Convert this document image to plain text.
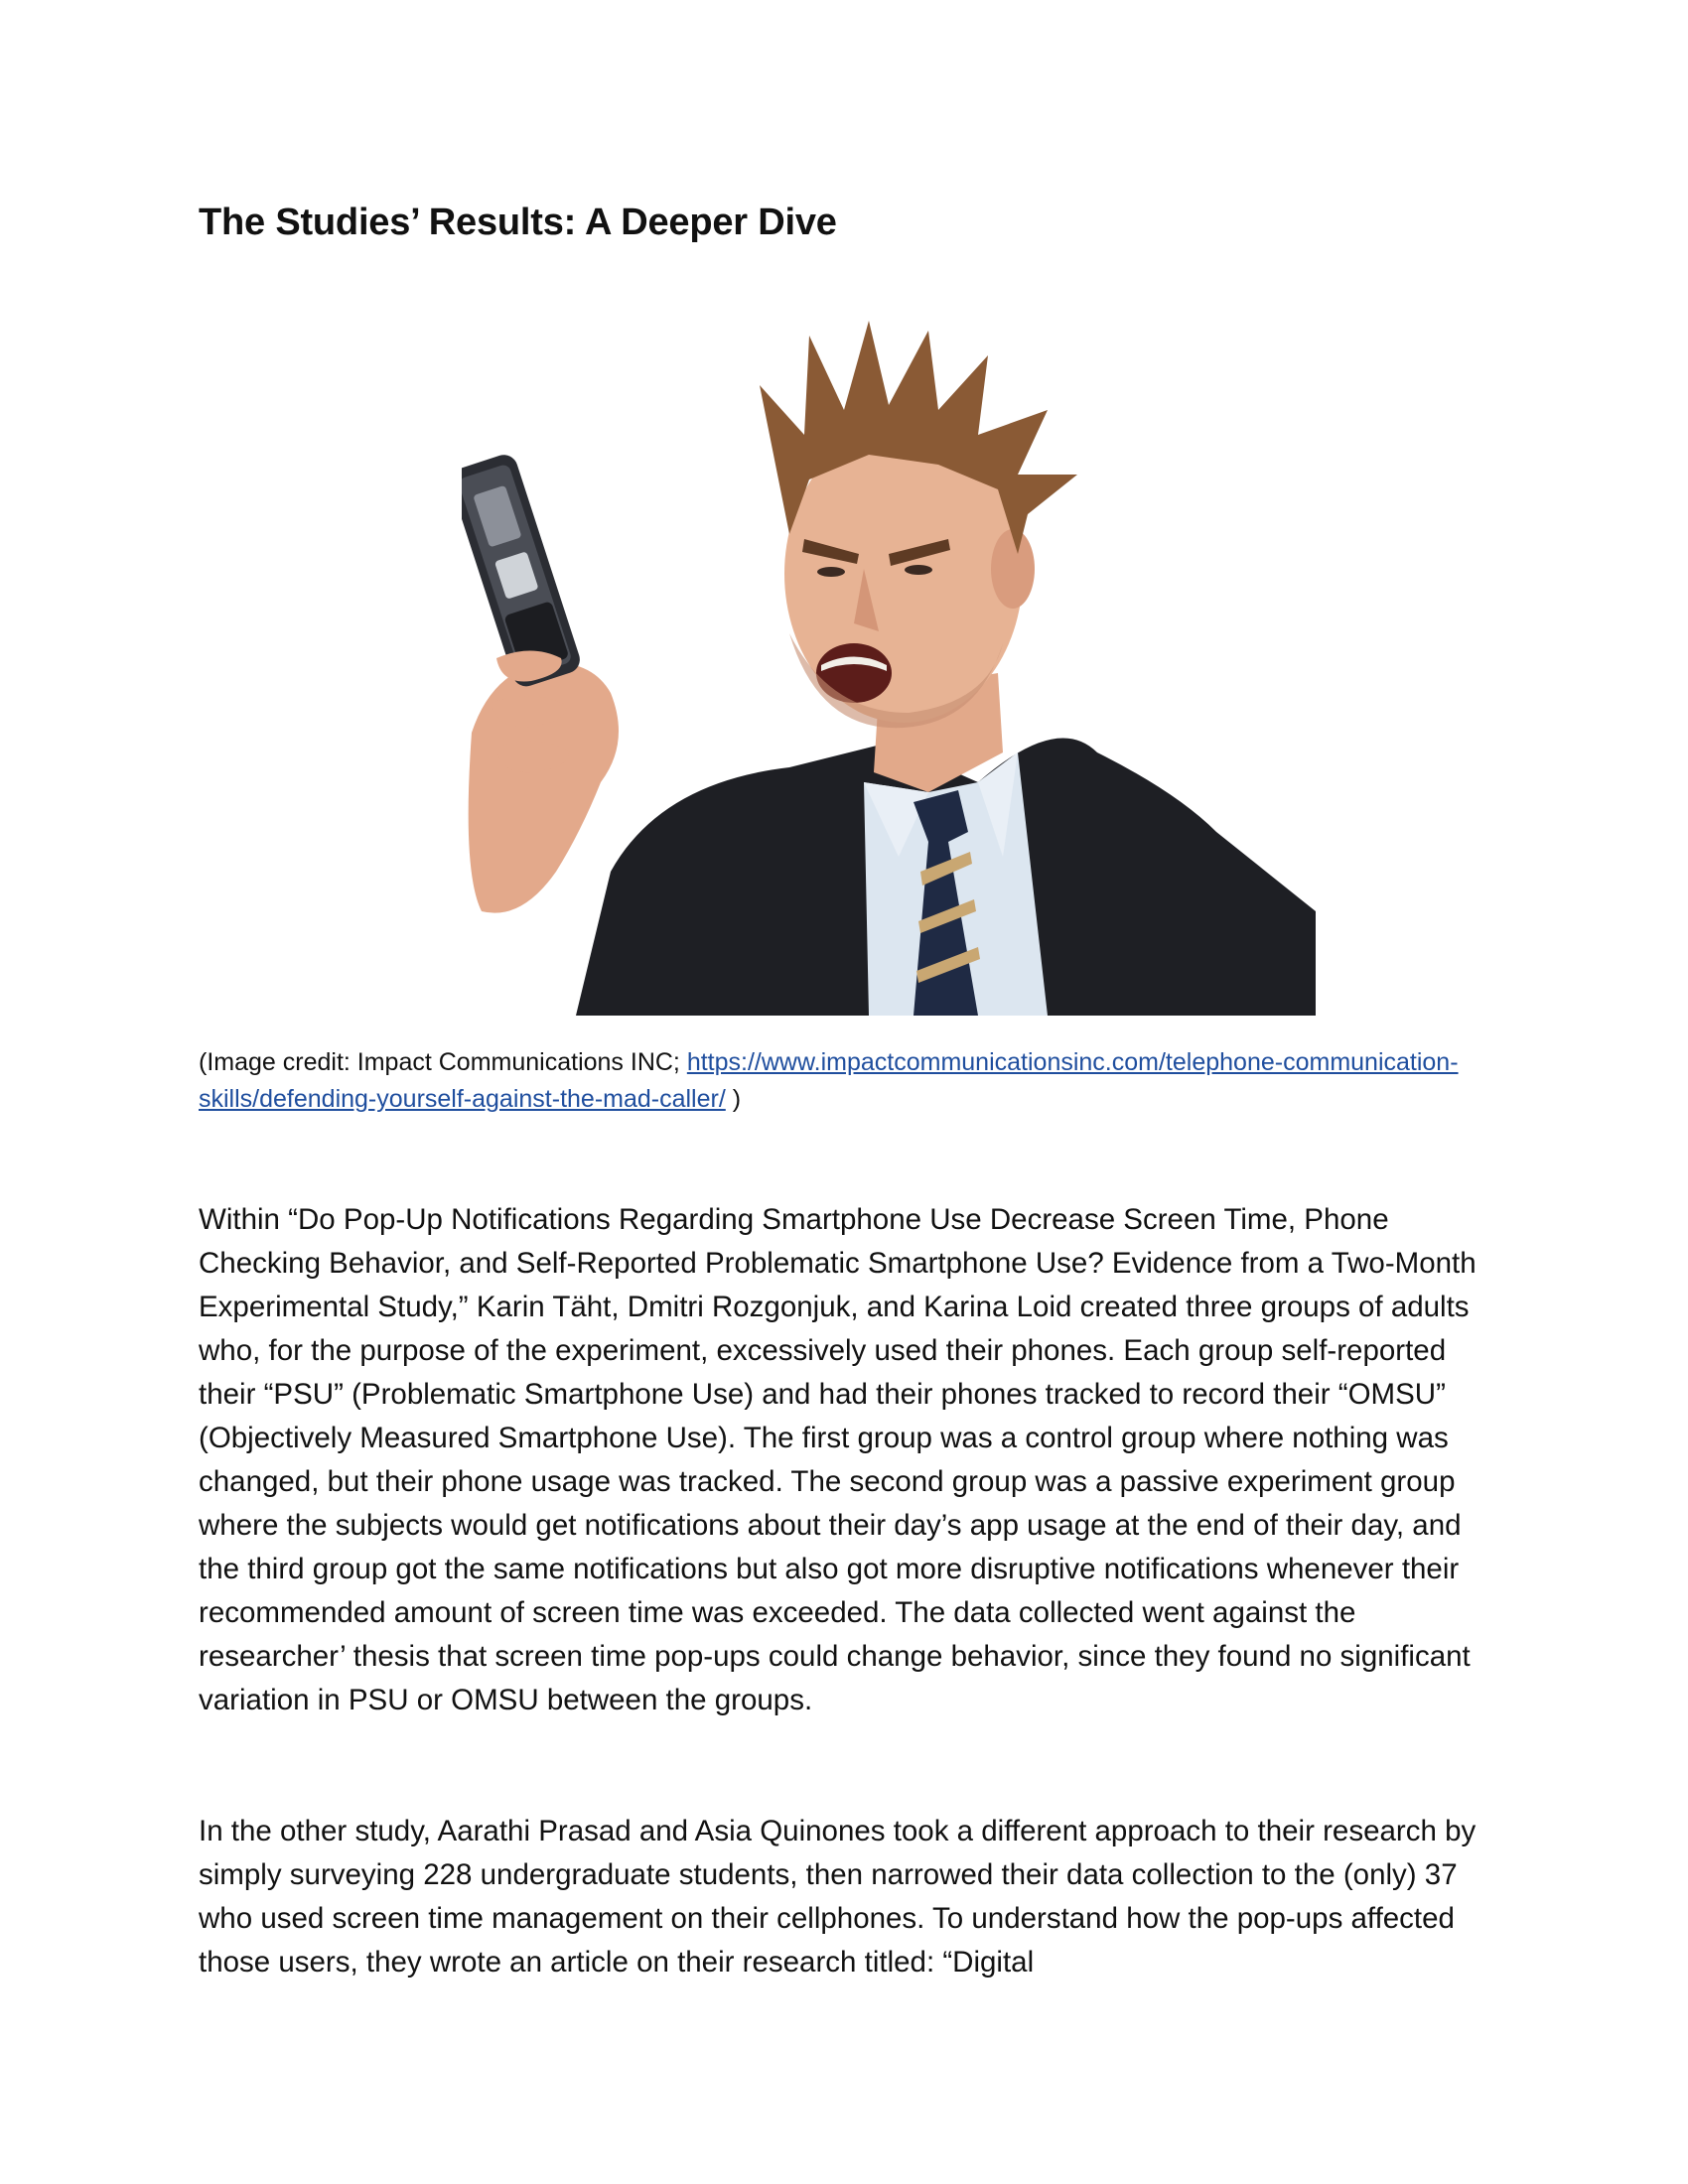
The Studies’ Results: A Deeper Dive
(Image credit: Impact Communications INC; https://www.impactcommunicationsinc.com/telephone-communication-skills/defending-yourself-against-the-mad-caller/ )

Within “Do Pop-Up Notifications Regarding Smartphone Use Decrease Screen Time, Phone Checking Behavior, and Self-Reported Problematic Smartphone Use? Evidence from a Two-Month Experimental Study,” Karin Täht, Dmitri Rozgonjuk, and Karina Loid created three groups of adults who, for the purpose of the experiment, excessively used their phones. Each group self-reported their “PSU” (Problematic Smartphone Use) and had their phones tracked to record their “OMSU” (Objectively Measured Smartphone Use). The first group was a control group where nothing was changed, but their phone usage was tracked. The second group was a passive experiment group where the subjects would get notifications about their day’s app usage at the end of their day, and the third group got the same notifications but also got more disruptive notifications whenever their recommended amount of screen time was exceeded. The data collected went against the researcher’ thesis that screen time pop-ups could change behavior, since they found no significant variation in PSU or OMSU between the groups.

In the other study, Aarathi Prasad and Asia Quinones took a different approach to their research by simply surveying 228 undergraduate students, then narrowed their data collection to the (only) 37 who used screen time management on their cellphones. To understand how the pop-ups affected those users, they wrote an article on their research titled: “Digital
